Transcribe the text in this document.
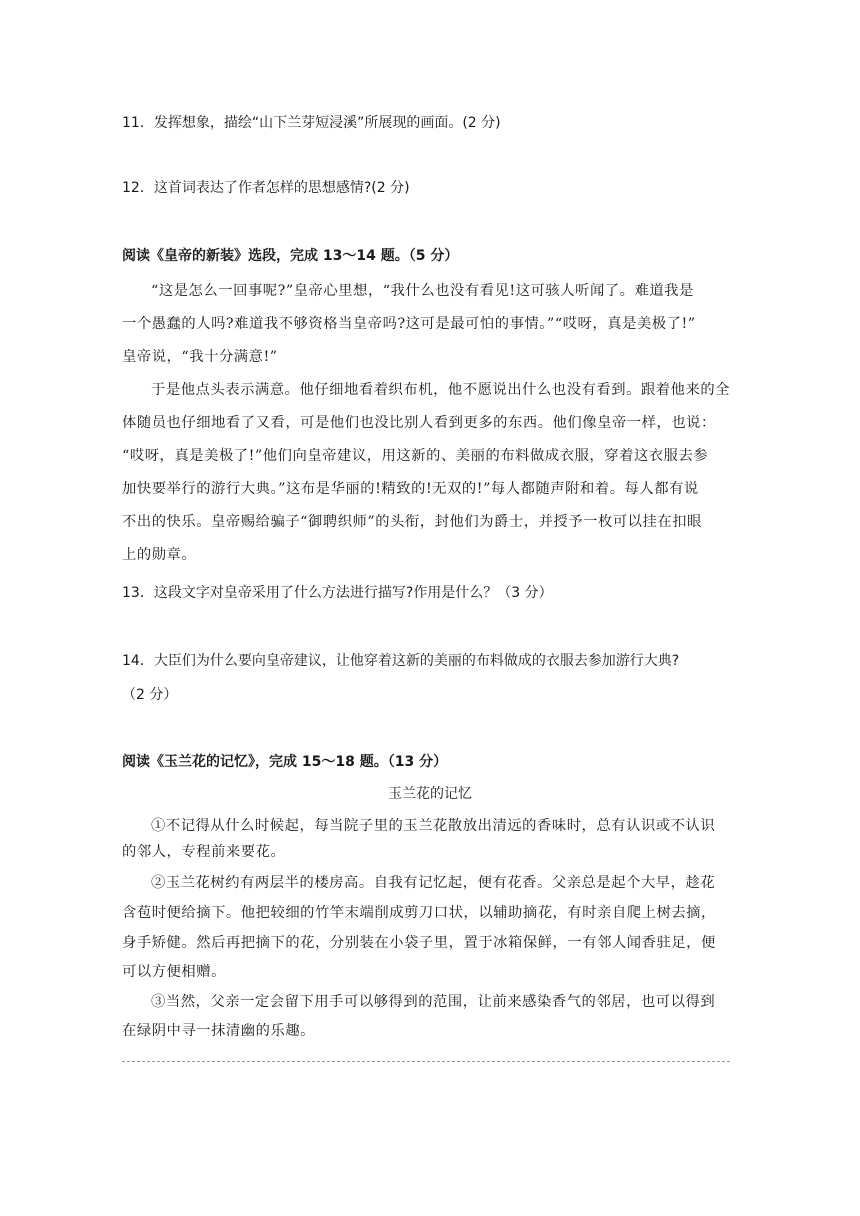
11．发挥想象，描绘“山下兰芽短浸溪”所展现的画面。(2 分)
12．这首词表达了作者怎样的思想感情?(2 分)
阅读《皇帝的新装》选段，完成 13～14 题。（5 分）
“这是怎么一回事呢?”皇帝心里想，“我什么也没有看见!这可骇人听闻了。难道我是
一个愚蠢的人吗?难道我不够资格当皇帝吗?这可是最可怕的事情。”“哎呀，真是美极了!”
皇帝说，“我十分满意!”
于是他点头表示满意。他仔细地看着织布机，他不愿说出什么也没有看到。跟着他来的全
体随员也仔细地看了又看，可是他们也没比别人看到更多的东西。他们像皇帝一样，也说：
“哎呀，真是美极了!”他们向皇帝建议，用这新的、美丽的布料做成衣服，穿着这衣服去参
加快要举行的游行大典。”这布是华丽的!精致的!无双的!”每人都随声附和着。每人都有说
不出的快乐。皇帝赐给骗子“御聘织师”的头衔，封他们为爵士，并授予一枚可以挂在扣眼
上的勋章。
13．这段文字对皇帝采用了什么方法进行描写?作用是什么？（3 分）
14．大臣们为什么要向皇帝建议，让他穿着这新的美丽的布料做成的衣服去参加游行大典?
（2 分）
阅读《玉兰花的记忆》，完成 15～18 题。（13 分）
玉兰花的记忆
①不记得从什么时候起，每当院子里的玉兰花散放出清远的香味时，总有认识或不认识
的邻人，专程前来要花。
②玉兰花树约有两层半的楼房高。自我有记忆起，便有花香。父亲总是起个大早，趁花
含苞时便给摘下。他把较细的竹竿末端削成剪刀口状，以辅助摘花，有时亲自爬上树去摘，
身手矫健。然后再把摘下的花，分别装在小袋子里，置于冰箱保鲜，一有邻人闻香驻足，便
可以方便相赠。
③当然，父亲一定会留下用手可以够得到的范围，让前来感染香气的邻居，也可以得到
在绿阴中寻一抹清幽的乐趣。
